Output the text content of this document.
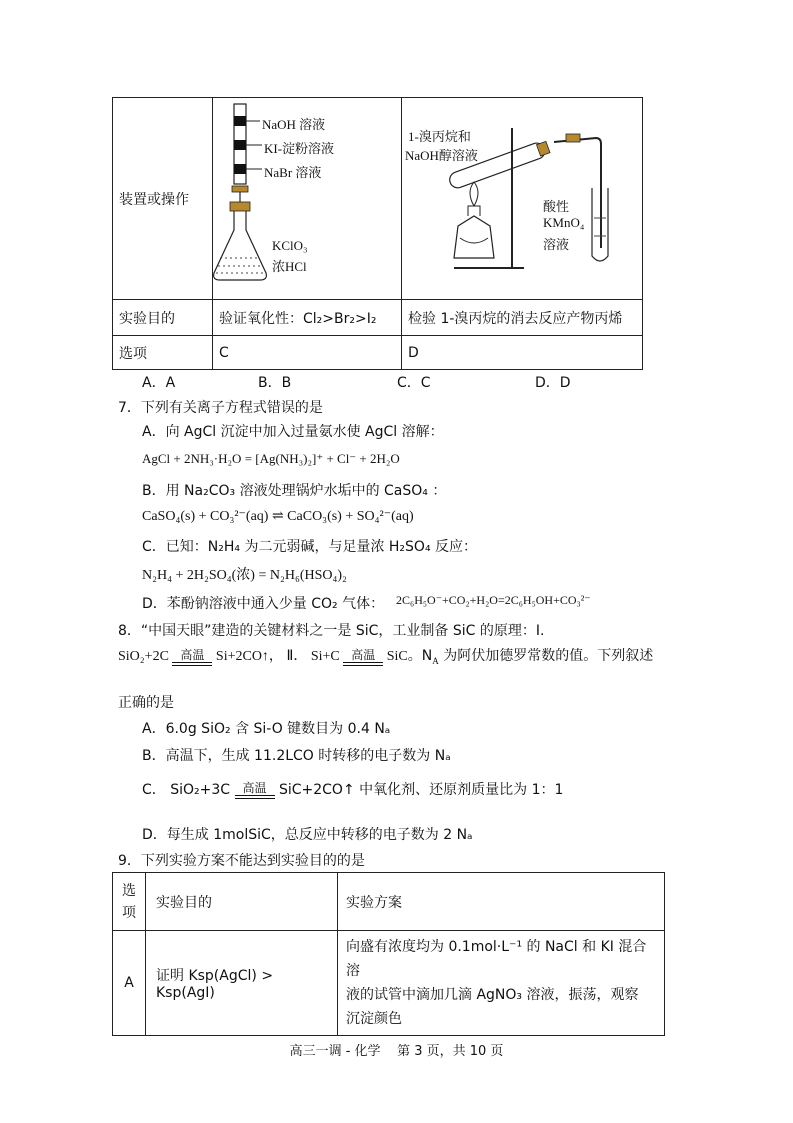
装置或操作		
实验目的	验证氧化性：Cl₂>Br₂>I₂	检验 1-溴丙烷的消去反应产物丙烯
选项	C	D
NaOH 溶液
KI-淀粉溶液
NaBr 溶液
KClO₃
浓HCl
1-溴丙烷和
NaOH醇溶液
酸性
KMnO₄
溶液
A．A	B．B	C．C	D．D
7．下列有关离子方程式错误的是
A．向 AgCl 沉淀中加入过量氨水使 AgCl 溶解：
AgCl + 2NH₃·H₂O = [Ag(NH₃)₂]⁺ + Cl⁻ + 2H₂O
B．用 Na₂CO₃ 溶液处理锅炉水垢中的 CaSO₄ ：
CaSO₄(s) + CO₃²⁻(aq) ⇌ CaCO₃(s) + SO₄²⁻(aq)
C．已知：N₂H₄ 为二元弱碱，与足量浓 H₂SO₄ 反应：
N₂H₄ + 2H₂SO₄(浓) = N₂H₆(HSO₄)₂
D．苯酚钠溶液中通入少量 CO₂ 气体： 2C₆H₅O⁻+CO₂+H₂O=2C₆H₅OH+CO₃²⁻
8．“中国天眼”建造的关键材料之一是 SiC，工业制备 SiC 的原理：Ⅰ.
SiO₂+2C 高温 Si+2CO↑， Ⅱ． Si+C 高温 SiC。$N_A$ 为阿伏加德罗常数的值。下列叙述
正确的是
A．6.0g SiO₂ 含 Si-O 键数目为 0.4 Nₐ
B．高温下，生成 11.2LCO 时转移的电子数为 Nₐ
C． SiO₂+3C	高温 SiC+2CO↑ 中氧化剂、还原剂质量比为 1：1
D．每生成 1molSiC，总反应中转移的电子数为 2 Nₐ
9．下列实验方案不能达到实验目的的是
选项	实验目的	实验方案
A	证明 Ksp(AgCl) > Ksp(AgI)	向盛有浓度均为 0.1mol·L⁻¹ 的 NaCl 和 KI 混合溶
液的试管中滴加几滴 AgNO₃ 溶液，振荡，观察
沉淀颜色
高三一调 - 化学    第 3 页，共 10 页
